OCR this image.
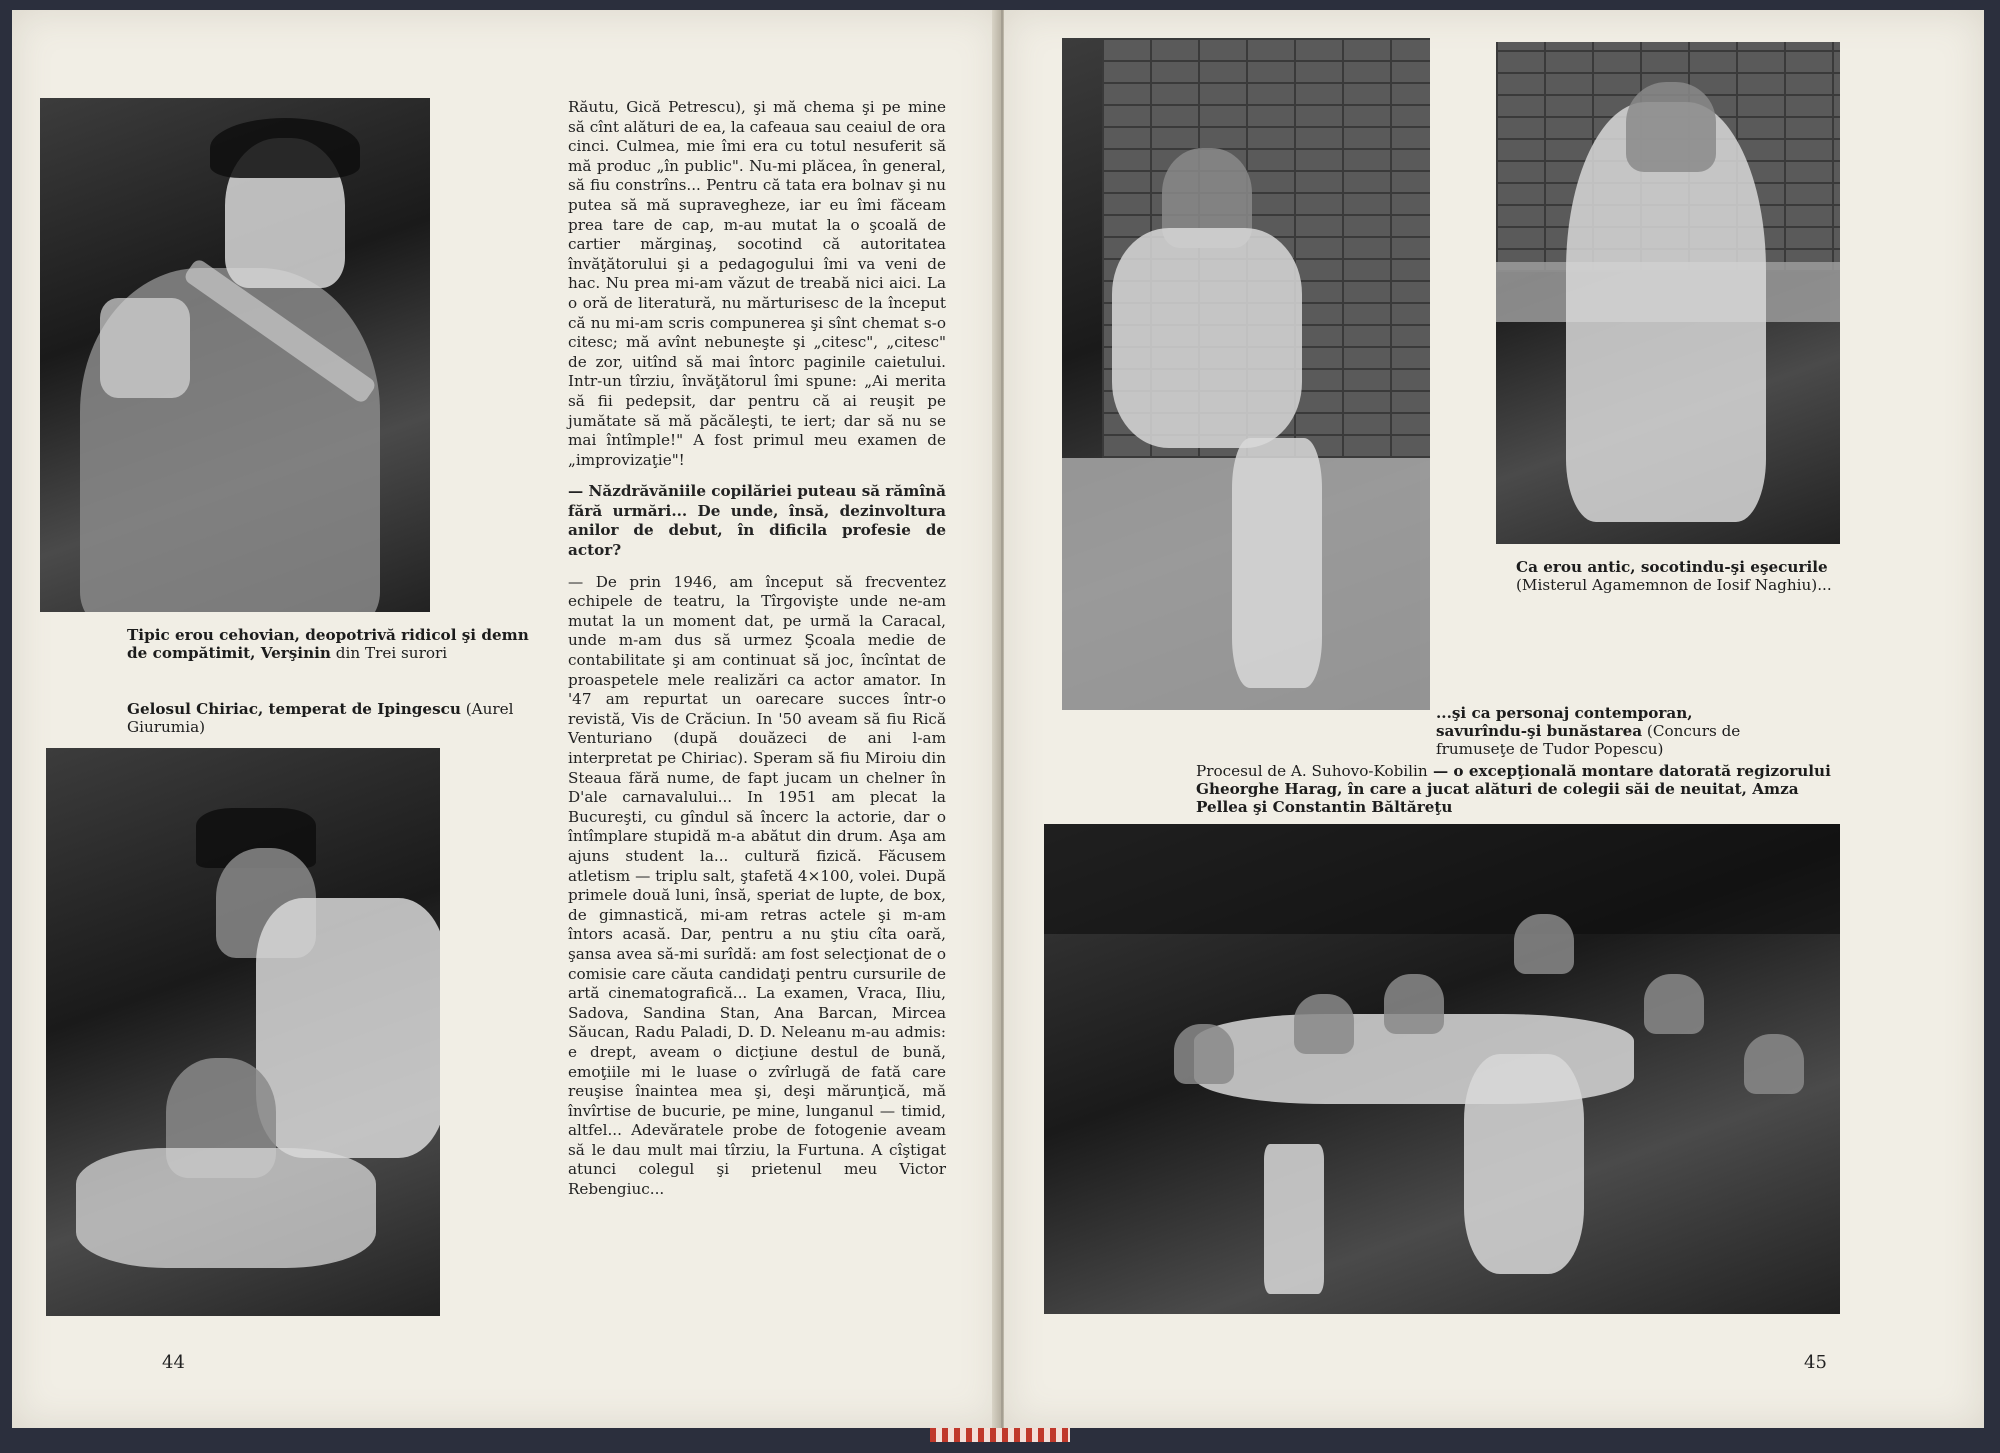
Tipic erou cehovian, deopotrivă ridicol şi demn de compătimit, Verşinin din Trei surori
Gelosul Chiriac, temperat de Ipingescu (Aurel Giurumia)

Răutu, Gică Petrescu), şi mă chema şi pe mine să cînt alături de ea, la cafeaua sau ceaiul de ora cinci. Culmea, mie îmi era cu totul nesuferit să mă produc „în public". Nu-mi plăcea, în general, să fiu constrîns... Pentru că tata era bolnav şi nu putea să mă supravegheze, iar eu îmi făceam prea tare de cap, m-au mutat la o şcoală de cartier mărginaş, socotind că autoritatea învăţătorului şi a pedagogului îmi va veni de hac. Nu prea mi-am văzut de treabă nici aici. La o oră de literatură, nu mărturisesc de la început că nu mi-am scris compunerea şi sînt chemat s-o citesc; mă avînt nebuneşte şi „citesc", „citesc" de zor, uitînd să mai întorc paginile caietului. Intr-un tîrziu, învăţătorul îmi spune: „Ai merita să fii pedepsit, dar pentru că ai reuşit pe jumătate să mă păcăleşti, te iert; dar să nu se mai întîmple!" A fost primul meu examen de „improvizaţie"!

— Năzdrăvăniile copilăriei puteau să rămînă fără urmări... De unde, însă, dezinvoltura anilor de debut, în dificila profesie de actor?

— De prin 1946, am început să frecventez echipele de teatru, la Tîrgovişte unde ne-am mutat la un moment dat, pe urmă la Caracal, unde m-am dus să urmez Şcoala medie de contabilitate şi am continuat să joc, încîntat de proaspetele mele realizări ca actor amator. In '47 am repurtat un oarecare succes într-o revistă, Vis de Crăciun. In '50 aveam să fiu Rică Venturiano (după douăzeci de ani l-am interpretat pe Chiriac). Speram să fiu Miroiu din Steaua fără nume, de fapt jucam un chelner în D'ale carnavalului... In 1951 am plecat la Bucureşti, cu gîndul să încerc la actorie, dar o întîmplare stupidă m-a abătut din drum. Aşa am ajuns student la... cultură fizică. Făcusem atletism — triplu salt, ştafetă 4×100, volei. După primele două luni, însă, speriat de lupte, de box, de gimnastică, mi-am retras actele şi m-am întors acasă. Dar, pentru a nu ştiu cîta oară, şansa avea să-mi surîdă: am fost selecţionat de o comisie care căuta candidaţi pentru cursurile de artă cinematografică... La examen, Vraca, Iliu, Sadova, Sandina Stan, Ana Barcan, Mircea Săucan, Radu Paladi, D. D. Neleanu m-au admis: e drept, aveam o dicţiune destul de bună, emoţiile mi le luase o zvîrlugă de fată care reuşise înaintea mea şi, deşi mărunţică, mă învîrtise de bucurie, pe mine, lunganul — timid, altfel... Adevăratele probe de fotogenie aveam să le dau mult mai tîrziu, la Furtuna. A cîştigat atunci colegul şi prietenul meu Victor Rebengiuc...

44
Ca erou antic, socotindu-şi eşecurile (Misterul Agamemnon de Iosif Naghiu)...
...şi ca personaj contemporan, savurîndu-şi bunăstarea (Concurs de frumuseţe de Tudor Popescu)
Procesul de A. Suhovo-Kobilin — o excepţională montare datorată regizorului Gheorghe Harag, în care a jucat alături de colegii săi de neuitat, Amza Pellea şi Constantin Băltăreţu
45
